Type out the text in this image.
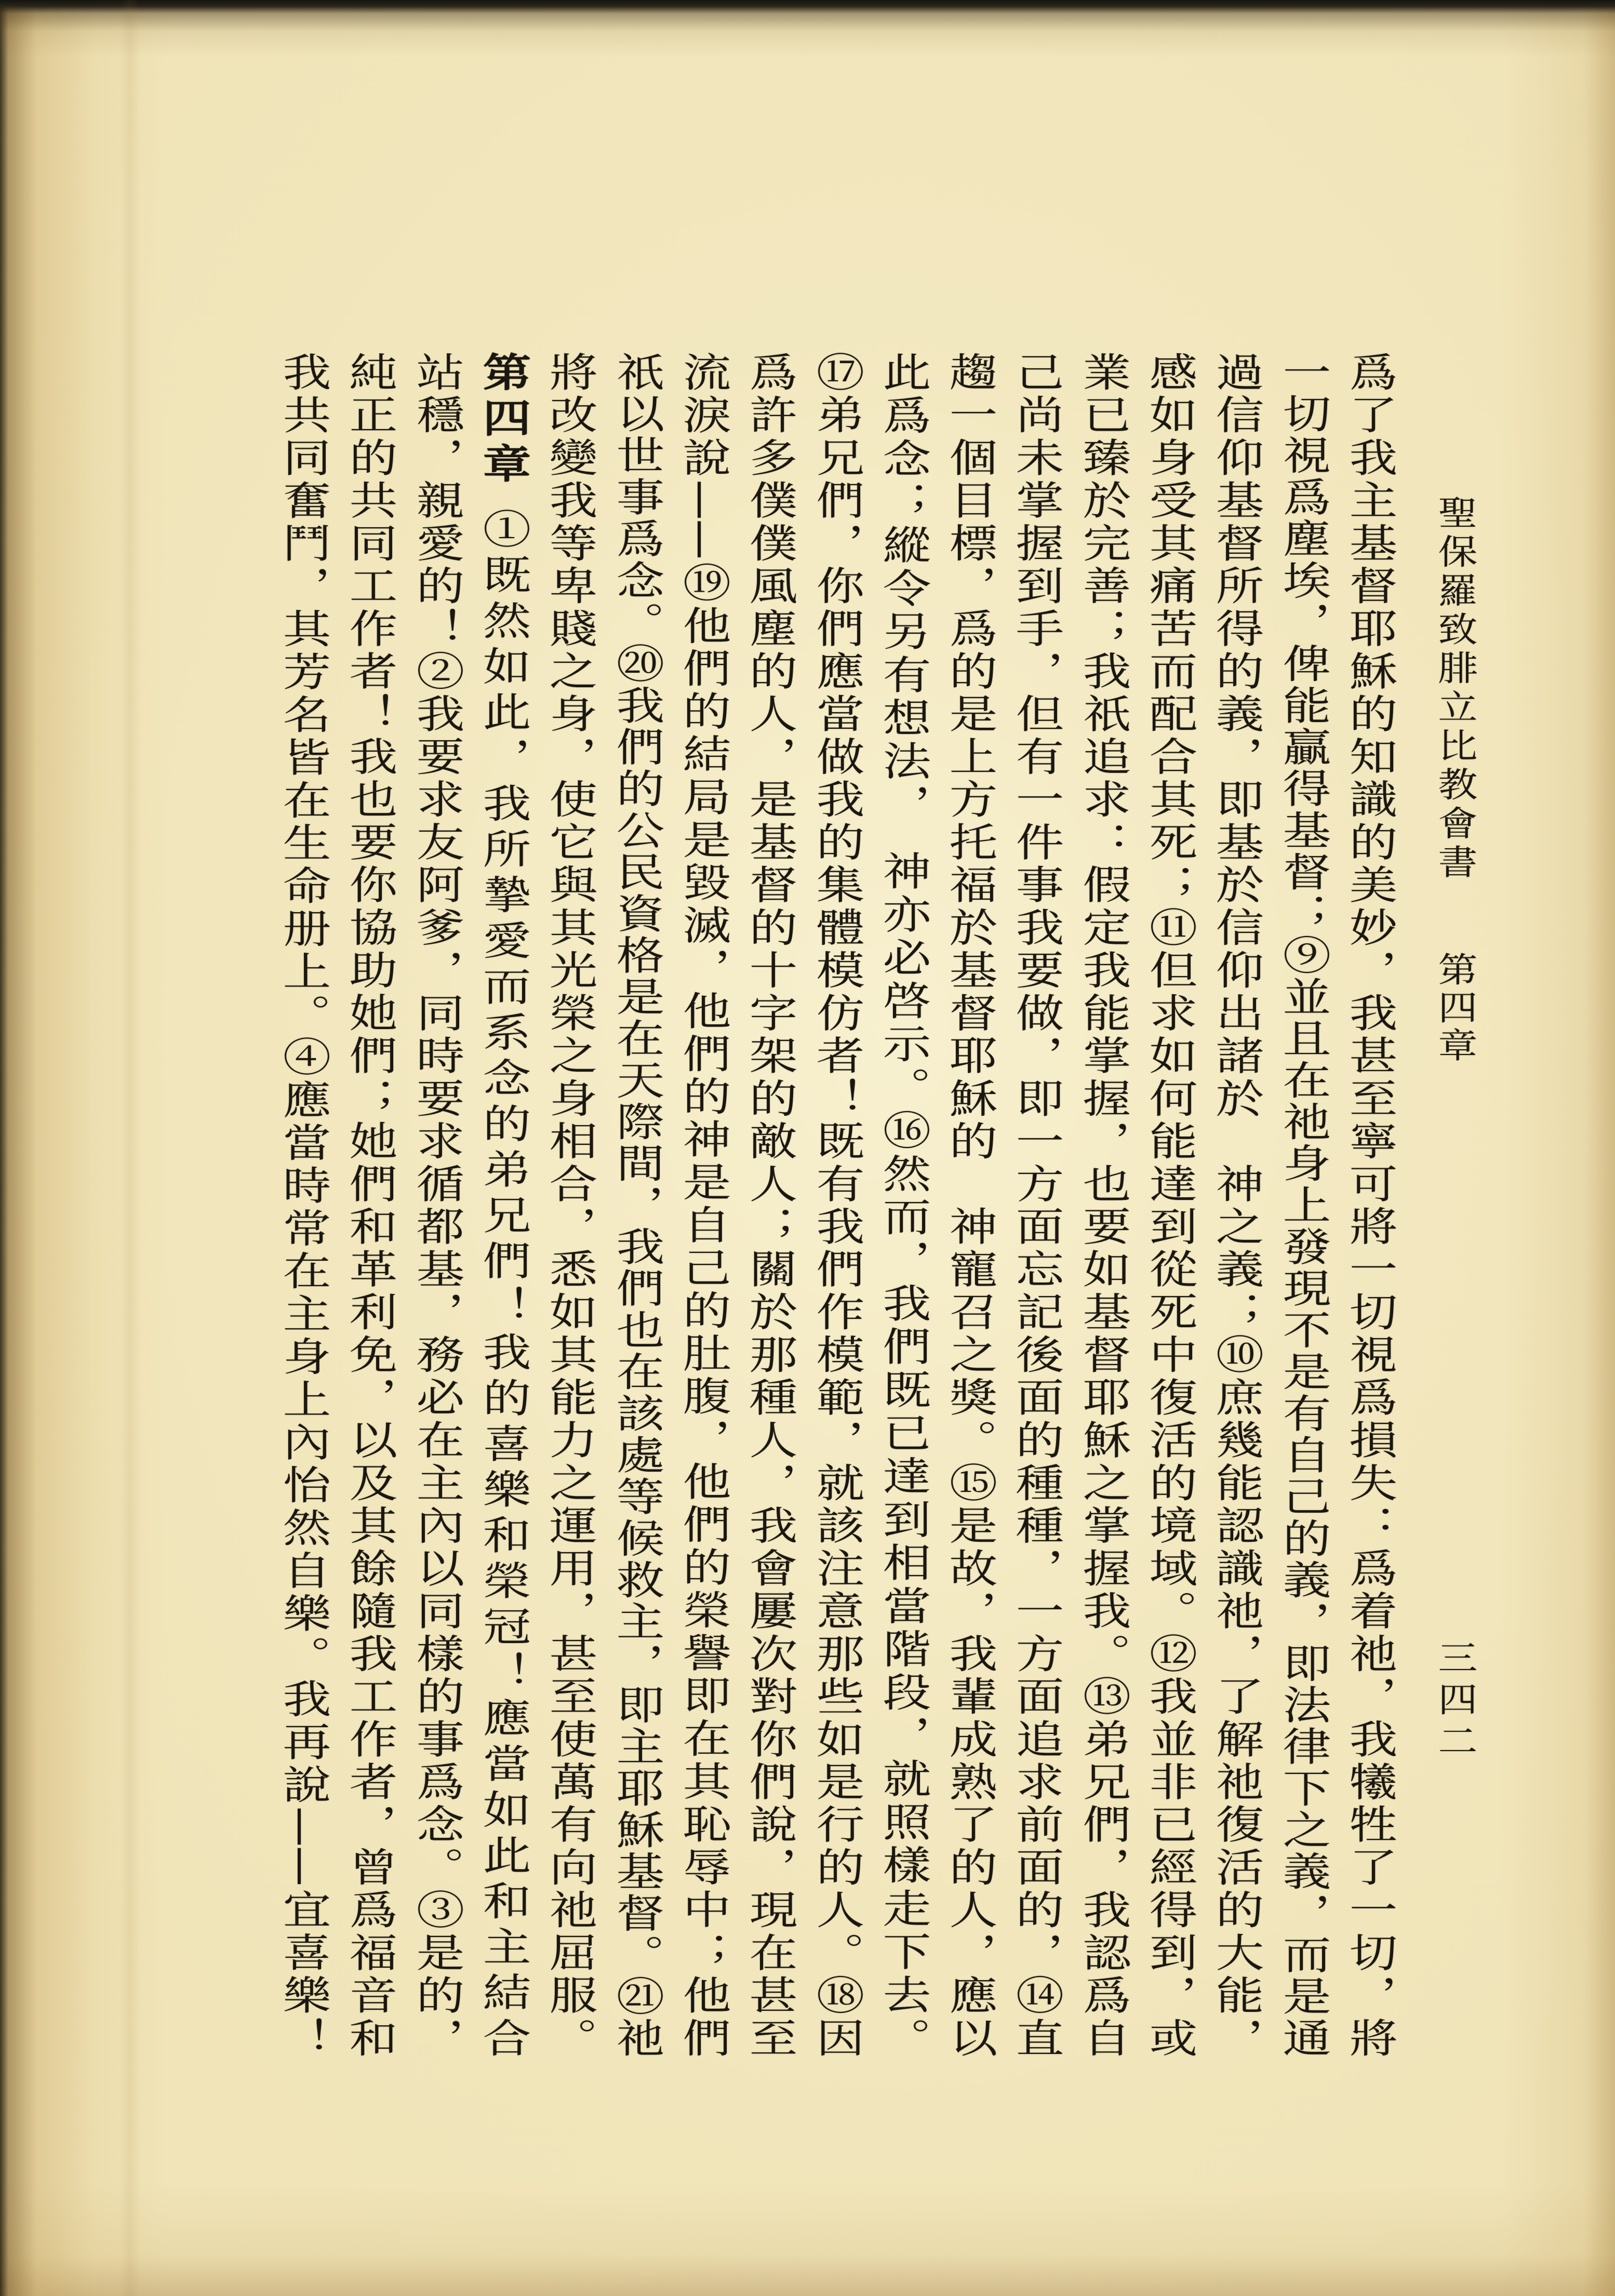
聖保羅致腓立比教會書
第四章
三四二
爲了我主基督耶穌的知識的美妙，我甚至寧可將一切視爲損失：爲着祂，我犧牲了一切，將
一切視爲塵埃，俾能贏得基督；⑨並且在祂身上發現不是有自己的義，即法律下之義，而是通
過信仰基督所得的義，即基於信仰出諸於　神之義；⑩庶幾能認識祂，了解祂復活的大能，
感如身受其痛苦而配合其死；⑪但求如何能達到從死中復活的境域。⑫我並非已經得到，或
業已臻於完善；我祇追求：假定我能掌握，也要如基督耶穌之掌握我。⑬弟兄們，我認爲自
己尚未掌握到手，但有一件事我要做，即一方面忘記後面的種種，一方面追求前面的，⑭直
趨一個目標，爲的是上方托福於基督耶穌的　神寵召之獎。⑮是故，我輩成熟了的人，應以
此爲念；縱令另有想法，　神亦必啓示。⑯然而，我們既已達到相當階段，就照樣走下去。
⑰弟兄們，你們應當做我的集體模仿者！既有我們作模範，就該注意那些如是行的人。⑱因
爲許多僕僕風塵的人，是基督的十字架的敵人；關於那種人，我會屢次對你們說，現在甚至
流淚說——⑲他們的結局是毀滅，他們的神是自己的肚腹，他們的榮譽即在其恥辱中；他們
祇以世事爲念。⑳我們的公民資格是在天際間，我們也在該處等候救主，即主耶穌基督。㉑祂
將改變我等卑賤之身，使它與其光榮之身相合，悉如其能力之運用，甚至使萬有向祂屈服。
第四章①既然如此，我所摯愛而系念的弟兄們！我的喜樂和榮冠！應當如此和主結合
站穩，親愛的！②我要求友阿爹，同時要求循都基，務必在主內以同樣的事爲念。③是的，
純正的共同工作者！我也要你協助她們；她們和革利免，以及其餘隨我工作者，曾爲福音和
我共同奮鬥，其芳名皆在生命册上。④應當時常在主身上內怡然自樂。我再說——宜喜樂！
